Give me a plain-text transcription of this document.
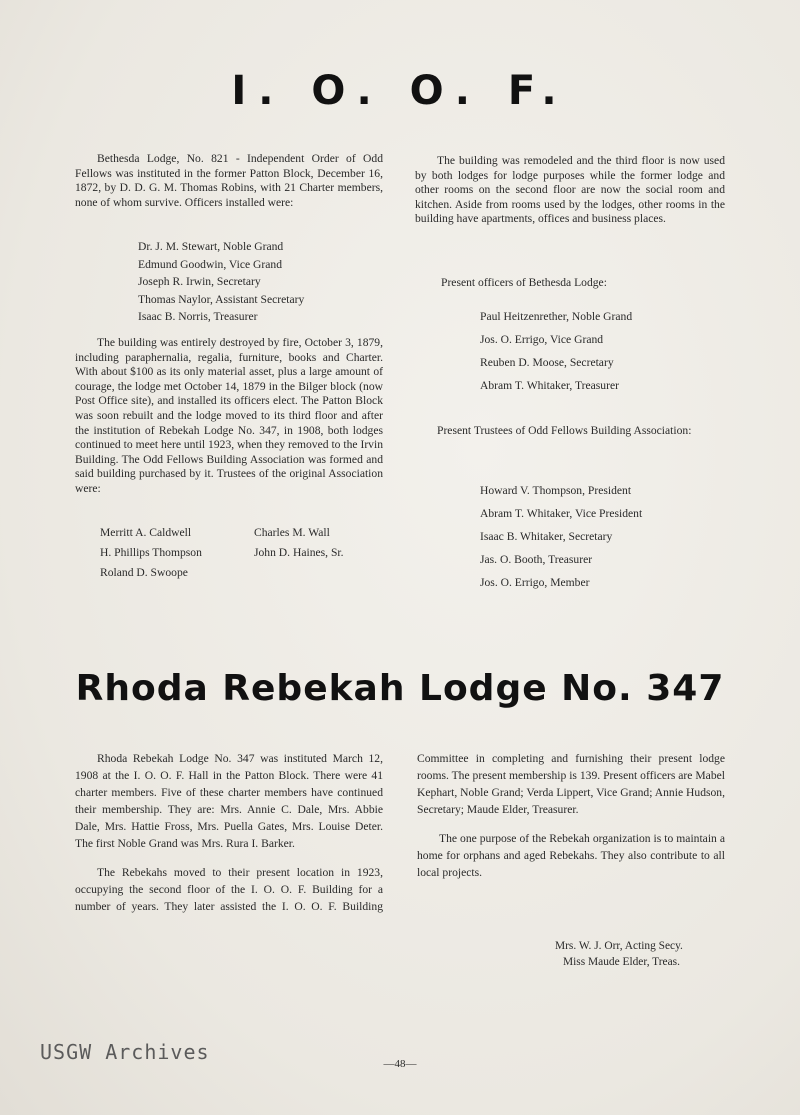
I. O. O. F.

Bethesda Lodge, No. 821 - Independent Order of Odd Fellows was instituted in the former Patton Block, December 16, 1872, by D. D. G. M. Thomas Robins, with 21 Charter members, none of whom survive. Officers installed were:

Dr. J. M. Stewart, Noble Grand
Edmund Goodwin, Vice Grand
Joseph R. Irwin, Secretary
Thomas Naylor, Assistant Secretary
Isaac B. Norris, Treasurer

The building was entirely destroyed by fire, October 3, 1879, including paraphernalia, regalia, furniture, books and Charter. With about $100 as its only material asset, plus a large amount of courage, the lodge met October 14, 1879 in the Bilger block (now Post Office site), and installed its officers elect. The Patton Block was soon rebuilt and the lodge moved to its third floor and after the institution of Rebekah Lodge No. 347, in 1908, both lodges continued to meet here until 1923, when they removed to the Irvin Building. The Odd Fellows Building Association was formed and said building purchased by it. Trustees of the original Association were:

Merritt A. Caldwell	Charles M. Wall
H. Phillips Thompson	John D. Haines, Sr.
Roland D. Swoope

The building was remodeled and the third floor is now used by both lodges for lodge purposes while the former lodge and other rooms on the second floor are now the social room and kitchen. Aside from rooms used by the lodges, other rooms in the building have apartments, offices and business places.

Present officers of Bethesda Lodge:
Paul Heitzenrether, Noble Grand
Jos. O. Errigo, Vice Grand
Reuben D. Moose, Secretary
Abram T. Whitaker, Treasurer

Present Trustees of Odd Fellows Building Association:

Howard V. Thompson, President
Abram T. Whitaker, Vice President
Isaac B. Whitaker, Secretary
Jas. O. Booth, Treasurer
Jos. O. Errigo, Member
Rhoda Rebekah Lodge No. 347

Rhoda Rebekah Lodge No. 347 was instituted March 12, 1908 at the I. O. O. F. Hall in the Patton Block. There were 41 charter members. Five of these charter members have continued their membership. They are: Mrs. Annie C. Dale, Mrs. Abbie Dale, Mrs. Hattie Fross, Mrs. Puella Gates, Mrs. Louise Deter. The first Noble Grand was Mrs. Rura I. Barker.

The Rebekahs moved to their present location in 1923, occupying the second floor of the I. O. O. F. Building for a number of years. They later assisted the I. O. O. F. Building Committee in completing and furnishing their present lodge rooms. The present membership is 139. Present officers are Mabel Kephart, Noble Grand; Verda Lippert, Vice Grand; Annie Hudson, Secretary; Maude Elder, Treasurer.

The one purpose of the Rebekah organization is to maintain a home for orphans and aged Rebekahs. They also contribute to all local projects.

Mrs. W. J. Orr, Acting Secy.
Miss Maude Elder, Treas.
USGW Archives	—48—
